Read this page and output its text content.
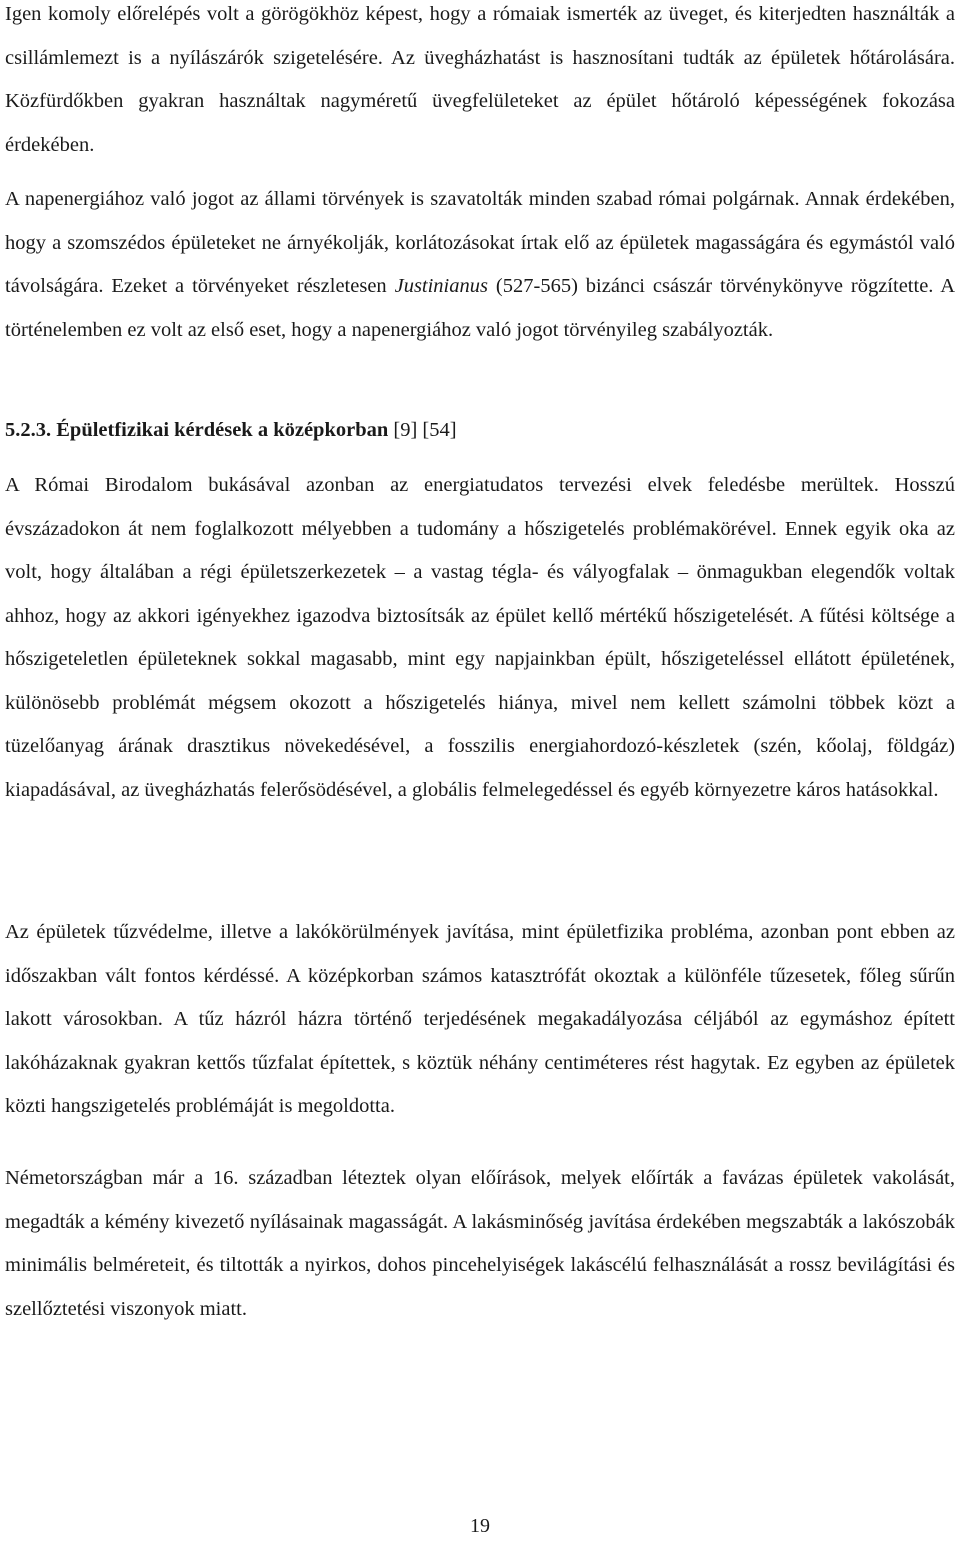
Igen komoly előrelépés volt a görögökhöz képest, hogy a rómaiak ismerték az üveget, és kiterjedten használták a csillámlemezt is a nyílászárók szigetelésére. Az üvegházhatást is hasznosítani tudták az épületek hőtárolására. Közfürdőkben gyakran használtak nagyméretű üvegfelületeket az épület hőtároló képességének fokozása érdekében.

A napenergiához való jogot az állami törvények is szavatolták minden szabad római polgárnak. Annak érdekében, hogy a szomszédos épületeket ne árnyékolják, korlátozásokat írtak elő az épületek magasságára és egymástól való távolságára. Ezeket a törvényeket részletesen Justinianus (527-565) bizánci császár törvénykönyve rögzítette. A történelemben ez volt az első eset, hogy a napenergiához való jogot törvényileg szabályozták.

5.2.3. Épületfizikai kérdések a középkorban [9] [54]

A Római Birodalom bukásával azonban az energiatudatos tervezési elvek feledésbe merültek. Hosszú évszázadokon át nem foglalkozott mélyebben a tudomány a hőszigetelés problémakörével. Ennek egyik oka az volt, hogy általában a régi épületszerkezetek – a vastag tégla- és vályogfalak – önmagukban elegendők voltak ahhoz, hogy az akkori igényekhez igazodva biztosítsák az épület kellő mértékű hőszigetelését. A fűtési költsége a hőszigeteletlen épületeknek sokkal magasabb, mint egy napjainkban épült, hőszigeteléssel ellátott épületének, különösebb problémát mégsem okozott a hőszigetelés hiánya, mivel nem kellett számolni többek közt a tüzelőanyag árának drasztikus növekedésével, a fosszilis energiahordozó-készletek (szén, kőolaj, földgáz) kiapadásával, az üvegházhatás felerősödésével, a globális felmelegedéssel és egyéb környezetre káros hatásokkal.

Az épületek tűzvédelme, illetve a lakókörülmények javítása, mint épületfizika probléma, azonban pont ebben az időszakban vált fontos kérdéssé. A középkorban számos katasztrófát okoztak a különféle tűzesetek, főleg sűrűn lakott városokban. A tűz házról házra történő terjedésének megakadályozása céljából az egymáshoz épített lakóházaknak gyakran kettős tűzfalat építettek, s köztük néhány centiméteres rést hagytak. Ez egyben az épületek közti hangszigetelés problémáját is megoldotta.

Németországban már a 16. században léteztek olyan előírások, melyek előírták a favázas épületek vakolását, megadták a kémény kivezető nyílásainak magasságát. A lakásminőség javítása érdekében megszabták a lakószobák minimális belméreteit, és tiltották a nyirkos, dohos pincehelyiségek lakáscélú felhasználását a rossz bevilágítási és szellőztetési viszonyok miatt.

19
